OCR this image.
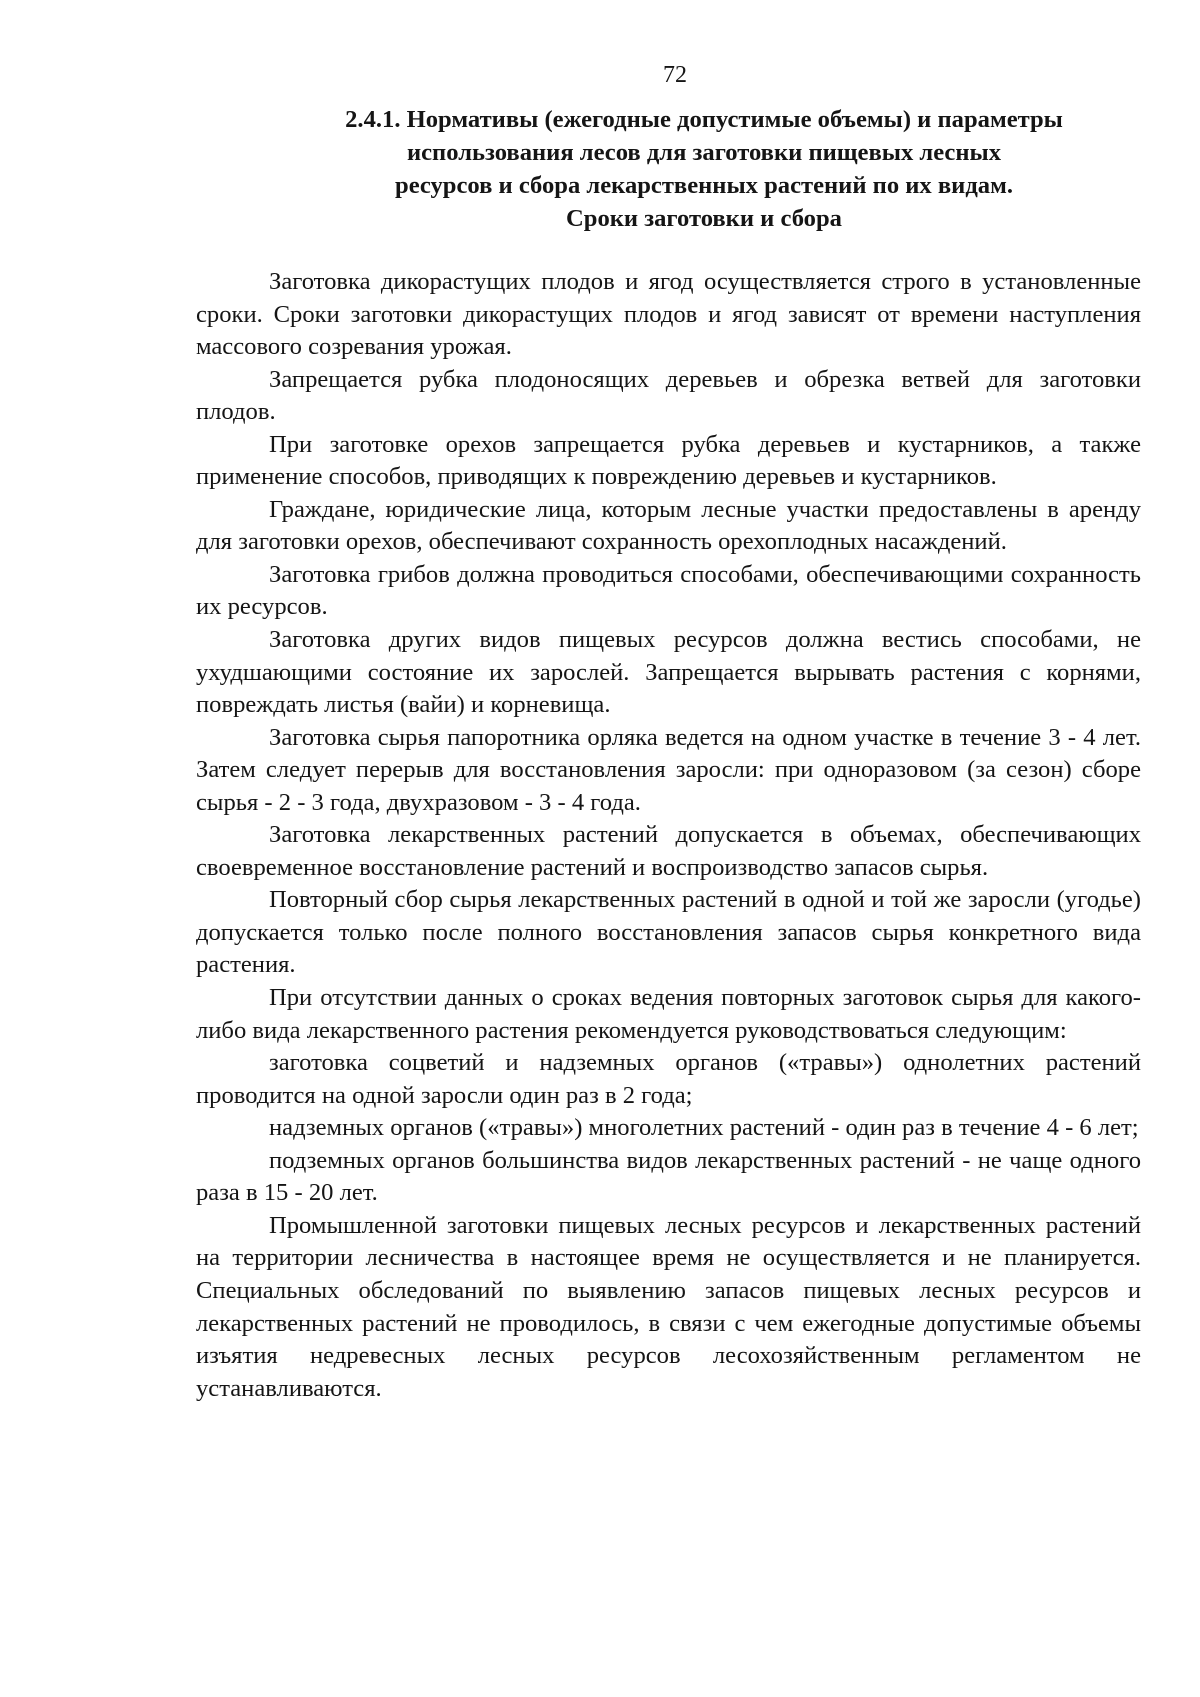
72
2.4.1. Нормативы (ежегодные допустимые объемы) и параметры
использования лесов для заготовки пищевых лесных
ресурсов и сбора лекарственных растений по их видам.
Сроки заготовки и сбора

Заготовка дикорастущих плодов и ягод осуществляется строго в установленные сроки. Сроки заготовки дикорастущих плодов и ягод зависят от времени наступления массового созревания урожая.

Запрещается рубка плодоносящих деревьев и обрезка ветвей для заготовки плодов.

При заготовке орехов запрещается рубка деревьев и кустарников, а также применение способов, приводящих к повреждению деревьев и кустарников.

Граждане, юридические лица, которым лесные участки предоставлены в аренду для заготовки орехов, обеспечивают сохранность орехоплодных насаждений.

Заготовка грибов должна проводиться способами, обеспечивающими сохранность их ресурсов.

Заготовка других видов пищевых ресурсов должна вестись способами, не ухудшающими состояние их зарослей. Запрещается вырывать растения с корнями, повреждать листья (вайи) и корневища.

Заготовка сырья папоротника орляка ведется на одном участке в течение 3 - 4 лет. Затем следует перерыв для восстановления заросли: при одноразовом (за сезон) сборе сырья - 2 - 3 года, двухразовом - 3 - 4 года.

Заготовка лекарственных растений допускается в объемах, обеспечивающих своевременное восстановление растений и воспроизводство запасов сырья.

Повторный сбор сырья лекарственных растений в одной и той же заросли (угодье) допускается только после полного восстановления запасов сырья конкретного вида растения.

При отсутствии данных о сроках ведения повторных заготовок сырья для какого-либо вида лекарственного растения рекомендуется руководствоваться следующим:

заготовка соцветий и надземных органов («травы») однолетних растений проводится на одной заросли один раз в 2 года;

надземных органов («травы») многолетних растений - один раз в течение 4 - 6 лет;

подземных органов большинства видов лекарственных растений - не чаще одного раза в 15 - 20 лет.

Промышленной заготовки пищевых лесных ресурсов и лекарственных растений на территории лесничества в настоящее время не осуществляется и не планируется. Специальных обследований по выявлению запасов пищевых лесных ресурсов и лекарственных растений не проводилось, в связи с чем ежегодные допустимые объемы изъятия недревесных лесных ресурсов лесохозяйственным регламентом не устанавливаются.
